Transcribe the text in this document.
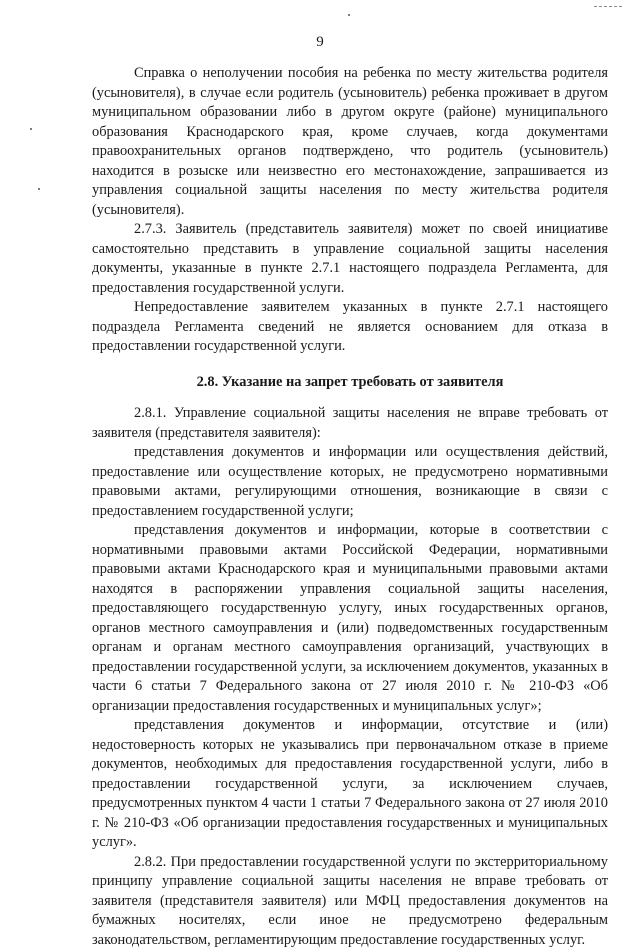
9

Справка о неполучении пособия на ребенка по месту жительства родителя (усыновителя), в случае если родитель (усыновитель) ребенка проживает в другом муниципальном образовании либо в другом округе (районе) муниципального образования Краснодарского края, кроме случаев, когда документами правоохранительных органов подтверждено, что родитель (усыновитель) находится в розыске или неизвестно его местонахождение, запрашивается из управления социальной защиты населения по месту жительства родителя (усыновителя).

2.7.3. Заявитель (представитель заявителя) может по своей инициативе самостоятельно представить в управление социальной защиты населения документы, указанные в пункте 2.7.1 настоящего подраздела Регламента, для предоставления государственной услуги.

Непредоставление заявителем указанных в пункте 2.7.1 настоящего подраздела Регламента сведений не является основанием для отказа в предоставлении государственной услуги.

2.8. Указание на запрет требовать от заявителя

2.8.1. Управление социальной защиты населения не вправе требовать от заявителя (представителя заявителя):

представления документов и информации или осуществления действий, предоставление или осуществление которых, не предусмотрено нормативными правовыми актами, регулирующими отношения, возникающие в связи с предоставлением государственной услуги;

представления документов и информации, которые в соответствии с нормативными правовыми актами Российской Федерации, нормативными правовыми актами Краснодарского края и муниципальными правовыми актами находятся в распоряжении управления социальной защиты населения, предоставляющего государственную услугу, иных государственных органов, органов местного самоуправления и (или) подведомственных государственным органам и органам местного самоуправления организаций, участвующих в предоставлении государственной услуги, за исключением документов, указанных в части 6 статьи 7 Федерального закона от 27 июля 2010 г. № 210-ФЗ «Об организации предоставления государственных и муниципальных услуг»;

представления документов и информации, отсутствие и (или) недостоверность которых не указывались при первоначальном отказе в приеме документов, необходимых для предоставления государственной услуги, либо в предоставлении государственной услуги, за исключением случаев, предусмотренных пунктом 4 части 1 статьи 7 Федерального закона от 27 июля 2010 г. № 210-ФЗ «Об организации предоставления государственных и муниципальных услуг».

2.8.2. При предоставлении государственной услуги по экстерриториальному принципу управление социальной защиты населения не вправе требовать от заявителя (представителя заявителя) или МФЦ предоставления документов на бумажных носителях, если иное не предусмотрено федеральным законодательством, регламентирующим предоставление государственных услуг.
